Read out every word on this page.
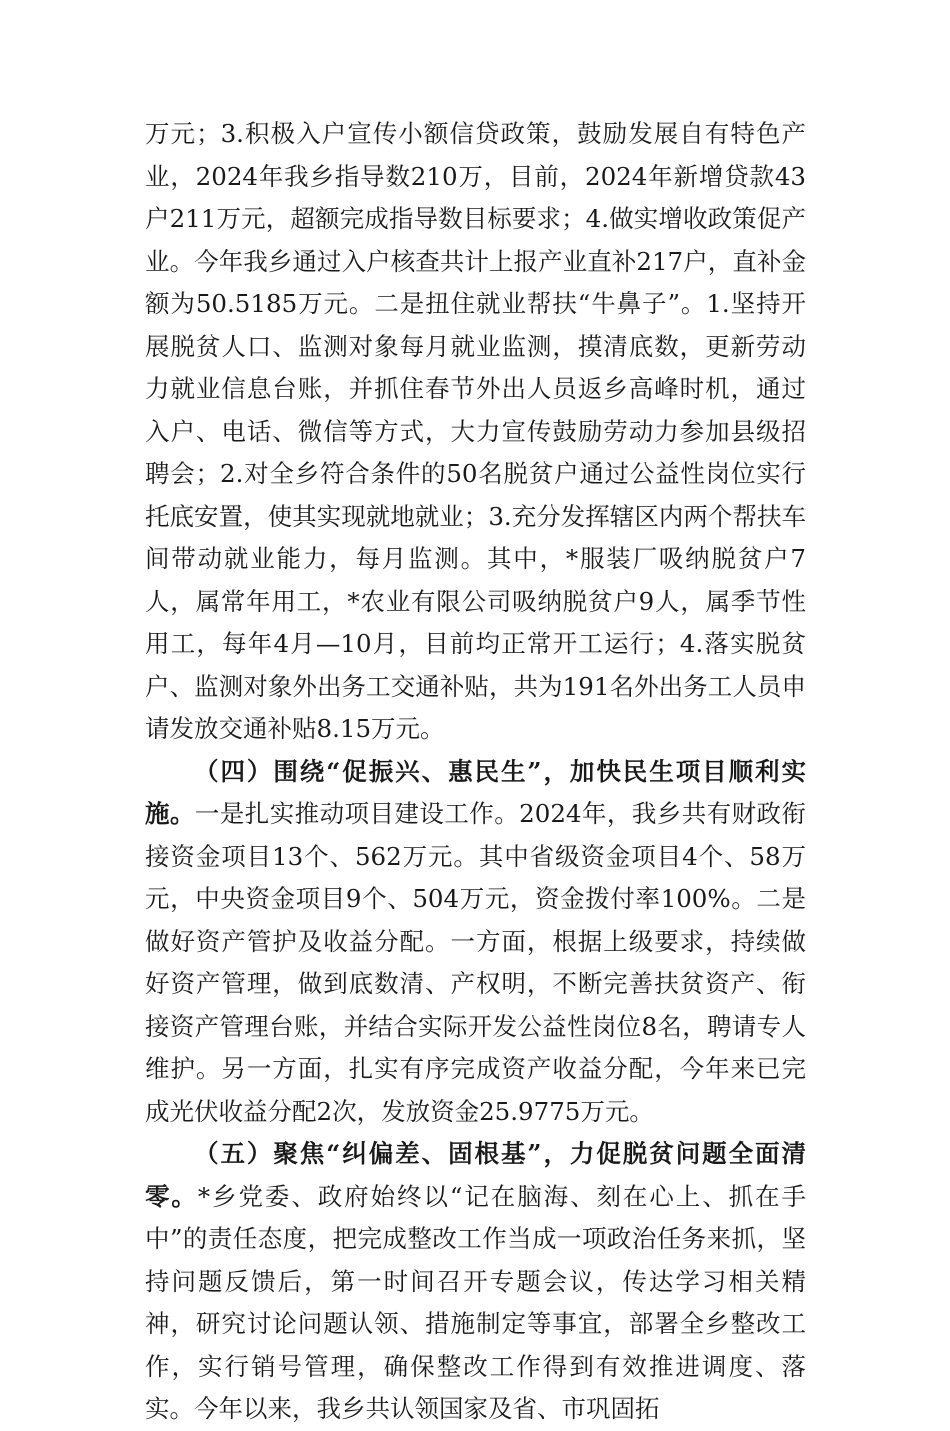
万元；3.积极入户宣传小额信贷政策，鼓励发展自有特色产业，2024年我乡指导数210万，目前，2024年新增贷款43户211万元，超额完成指导数目标要求；4.做实增收政策促产业。今年我乡通过入户核查共计上报产业直补217户，直补金额为50.5185万元。二是扭住就业帮扶“牛鼻子”。1.坚持开展脱贫人口、监测对象每月就业监测，摸清底数，更新劳动力就业信息台账，并抓住春节外出人员返乡高峰时机，通过入户、电话、微信等方式，大力宣传鼓励劳动力参加县级招聘会；2.对全乡符合条件的50名脱贫户通过公益性岗位实行托底安置，使其实现就地就业；3.充分发挥辖区内两个帮扶车间带动就业能力，每月监测。其中，*服装厂吸纳脱贫户7人，属常年用工，*农业有限公司吸纳脱贫户9人，属季节性用工，每年4月—10月，目前均正常开工运行；4.落实脱贫户、监测对象外出务工交通补贴，共为191名外出务工人员申请发放交通补贴8.15万元。

（四）围绕“促振兴、惠民生”，加快民生项目顺利实施。一是扎实推动项目建设工作。2024年，我乡共有财政衔接资金项目13个、562万元。其中省级资金项目4个、58万元，中央资金项目9个、504万元，资金拨付率100%。二是做好资产管护及收益分配。一方面，根据上级要求，持续做好资产管理，做到底数清、产权明，不断完善扶贫资产、衔接资产管理台账，并结合实际开发公益性岗位8名，聘请专人维护。另一方面，扎实有序完成资产收益分配，今年来已完成光伏收益分配2次，发放资金25.9775万元。

（五）聚焦“纠偏差、固根基”，力促脱贫问题全面清零。*乡党委、政府始终以“记在脑海、刻在心上、抓在手中”的责任态度，把完成整改工作当成一项政治任务来抓，坚持问题反馈后，第一时间召开专题会议，传达学习相关精神，研究讨论问题认领、措施制定等事宜，部署全乡整改工作，实行销号管理，确保整改工作得到有效推进调度、落实。今年以来，我乡共认领国家及省、市巩固拓
